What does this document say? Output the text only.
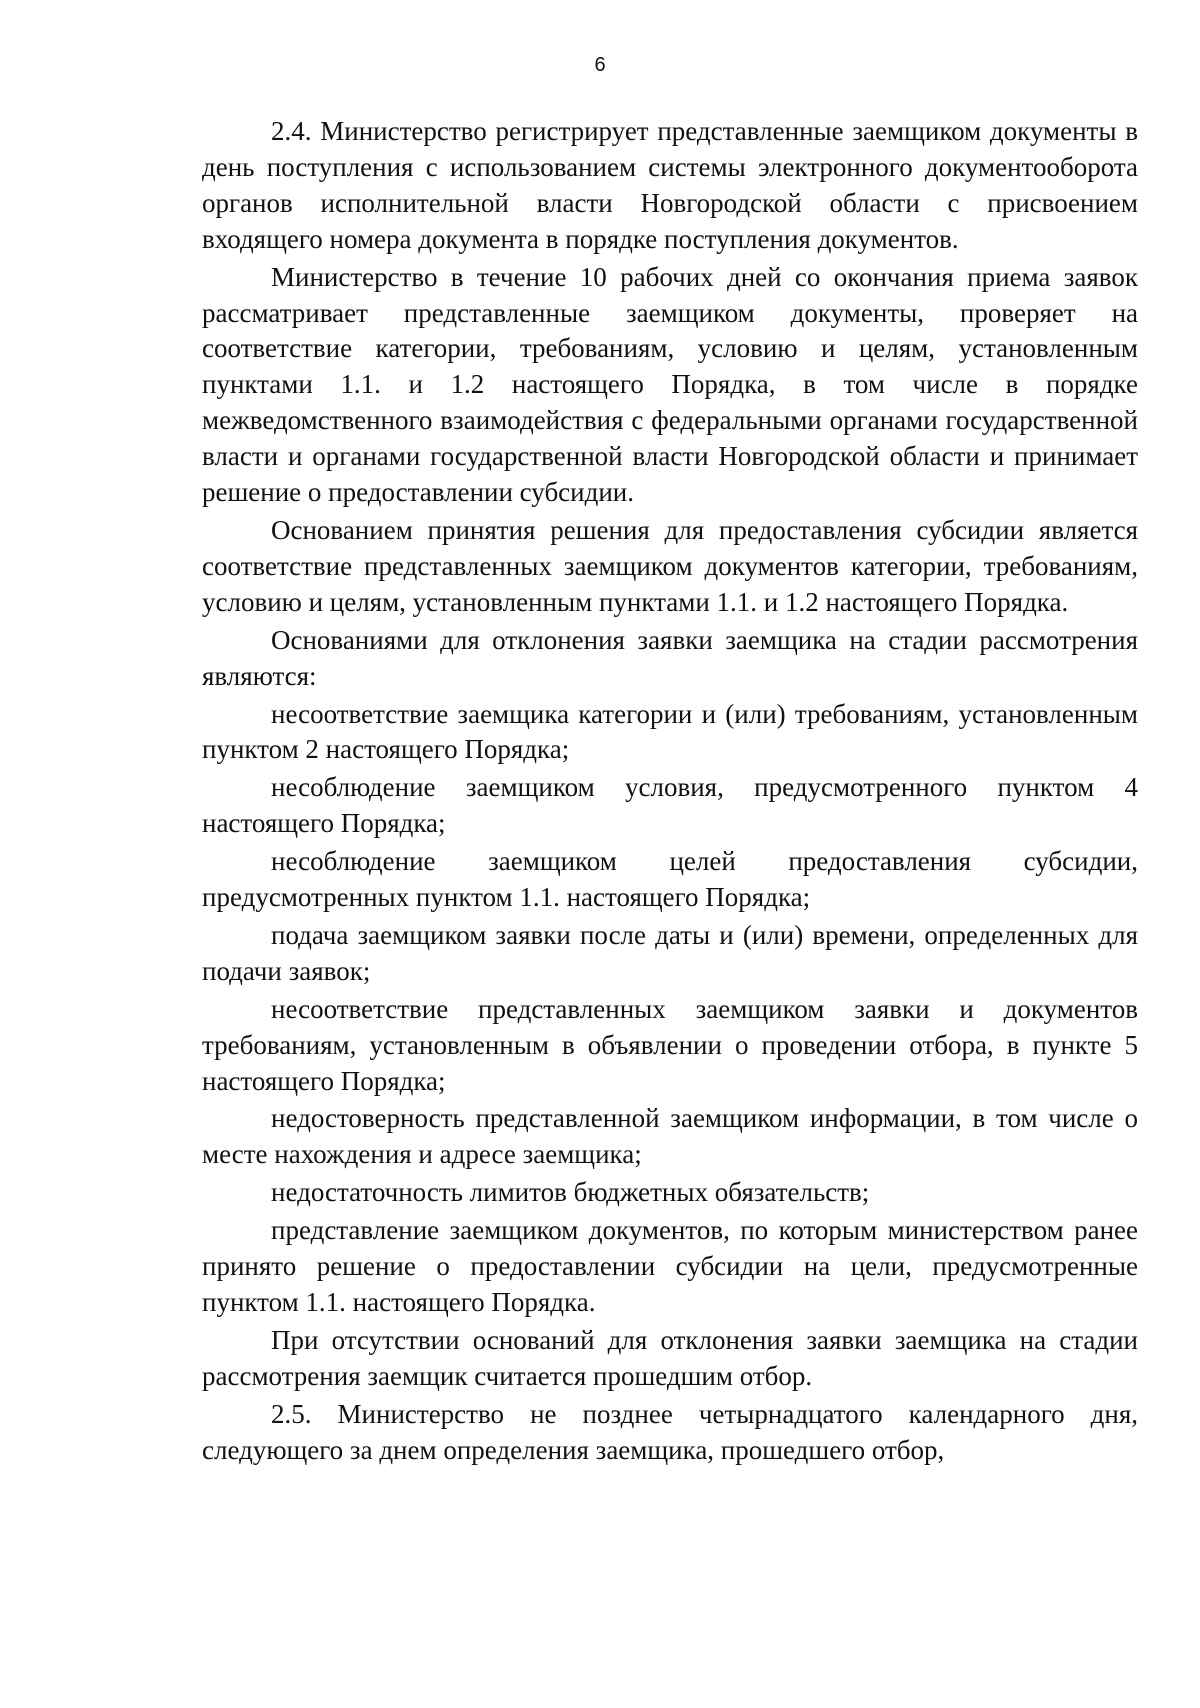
6

2.4. Министерство регистрирует представленные заемщиком документы в день поступления с использованием системы электронного документооборота органов исполнительной власти Новгородской области с присвоением входящего номера документа в порядке поступления документов.

Министерство в течение 10 рабочих дней со окончания приема заявок рассматривает представленные заемщиком документы, проверяет на соответствие категории, требованиям, условию и целям, установленным пунктами 1.1. и 1.2 настоящего Порядка, в том числе в порядке межведомственного взаимодействия с федеральными органами государственной власти и органами государственной власти Новгородской области и принимает решение о предоставлении субсидии.

Основанием принятия решения для предоставления субсидии является соответствие представленных заемщиком документов категории, требованиям, условию и целям, установленным пунктами 1.1. и 1.2 настоящего Порядка.

Основаниями для отклонения заявки заемщика на стадии рассмотрения являются:

несоответствие заемщика категории и (или) требованиям, установленным пунктом 2 настоящего Порядка;

несоблюдение заемщиком условия, предусмотренного пунктом 4 настоящего Порядка;

несоблюдение заемщиком целей предоставления субсидии, предусмотренных пунктом 1.1. настоящего Порядка;

подача заемщиком заявки после даты и (или) времени, определенных для подачи заявок;

несоответствие представленных заемщиком заявки и документов требованиям, установленным в объявлении о проведении отбора, в пункте 5 настоящего Порядка;

недостоверность представленной заемщиком информации, в том числе о месте нахождения и адресе заемщика;

недостаточность лимитов бюджетных обязательств;

представление заемщиком документов, по которым министерством ранее принято решение о предоставлении субсидии на цели, предусмотренные пунктом 1.1. настоящего Порядка.

При отсутствии оснований для отклонения заявки заемщика на стадии рассмотрения заемщик считается прошедшим отбор.

2.5. Министерство не позднее четырнадцатого календарного дня, следующего за днем определения заемщика, прошедшего отбор,
